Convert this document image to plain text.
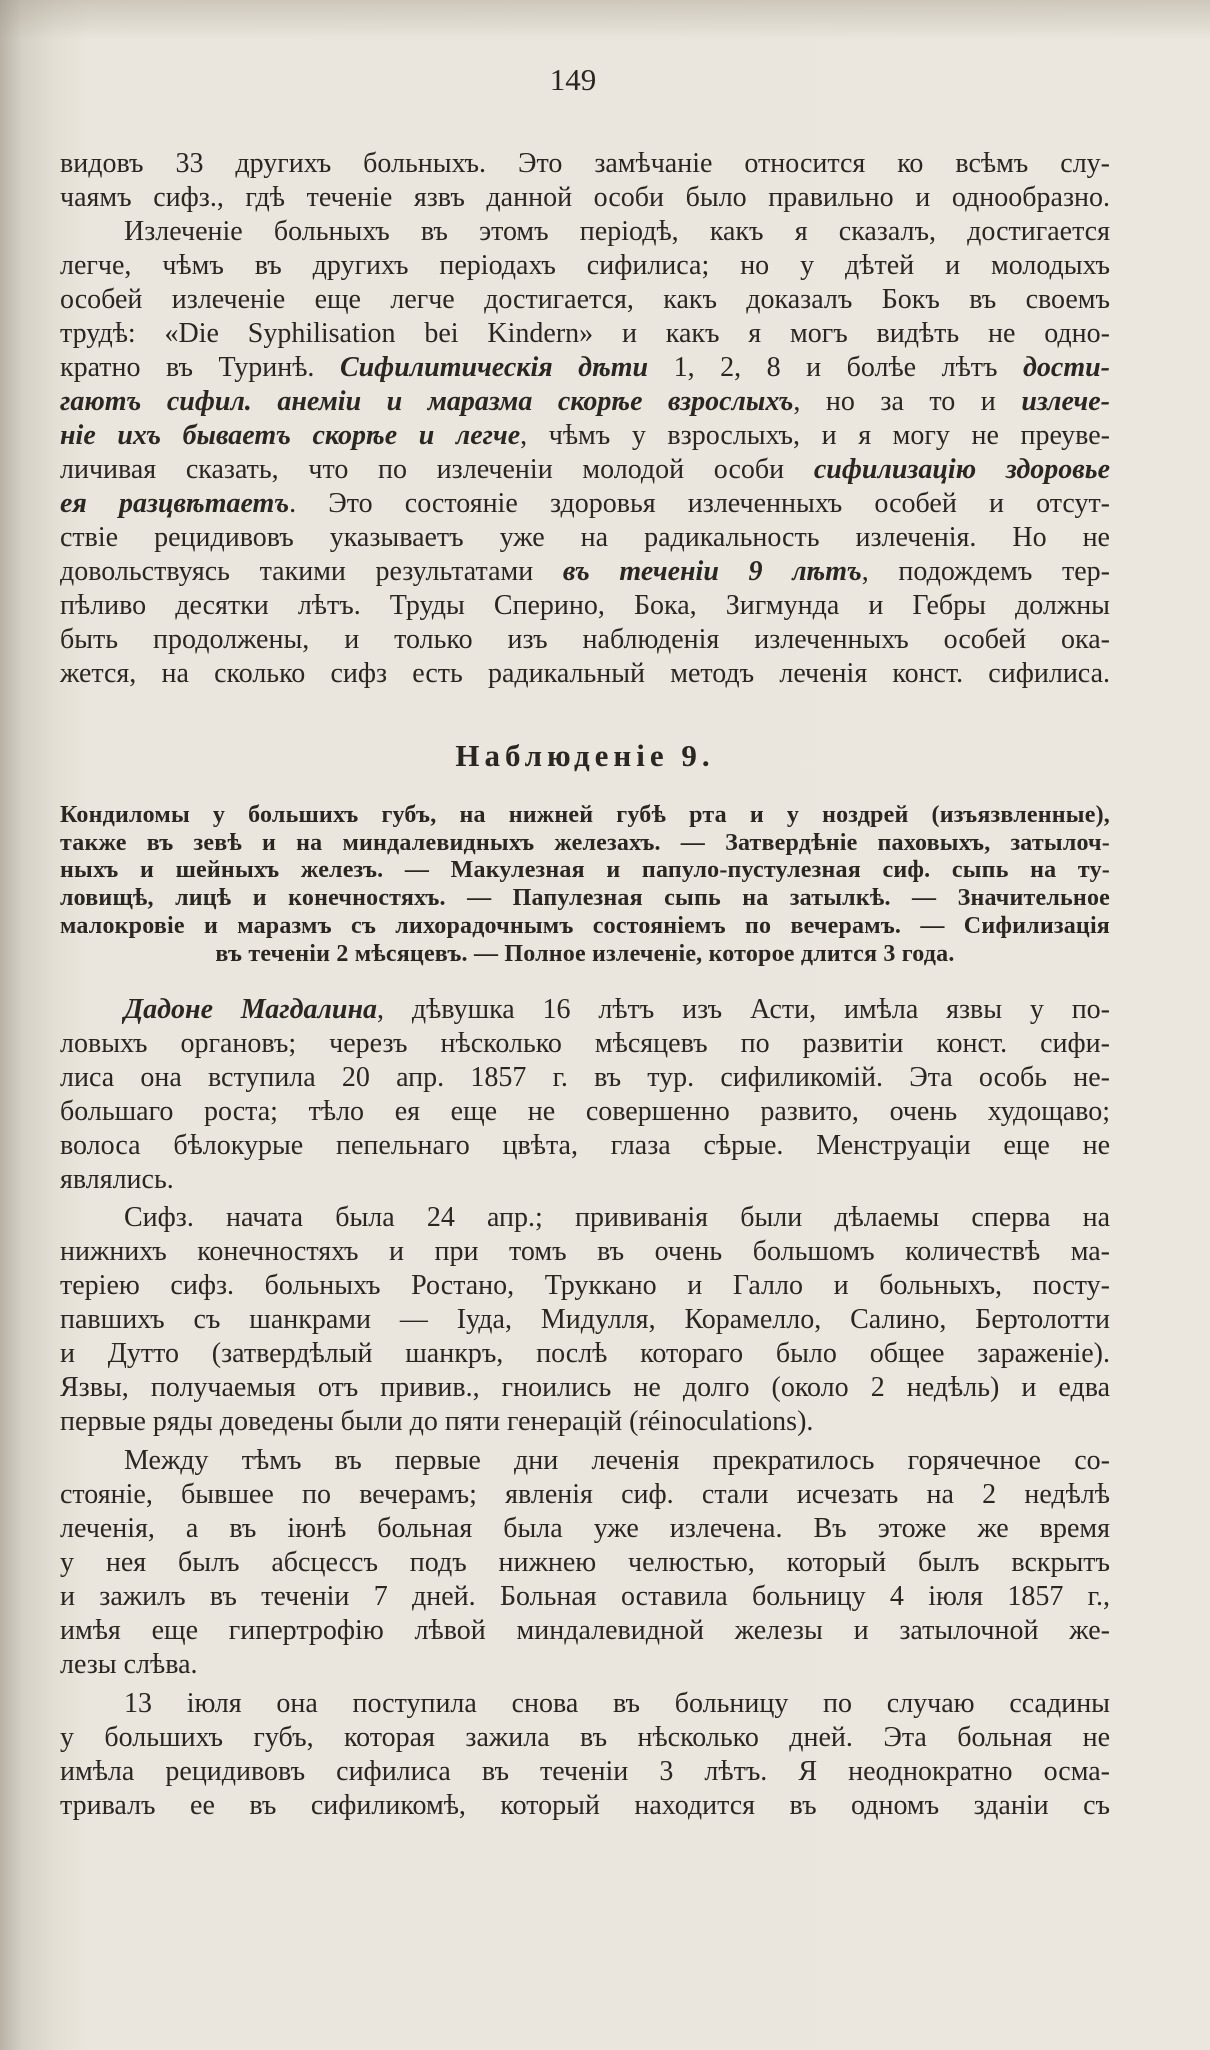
149
видовъ 33 другихъ больныхъ. Это замѣчаніе относится ко всѣмъ слу-
чаямъ сифз., гдѣ теченіе язвъ данной особи было правильно и однообразно.
Излеченіе больныхъ въ этомъ періодѣ, какъ я сказалъ, достигается
легче, чѣмъ въ другихъ періодахъ сифилиса; но у дѣтей и молодыхъ
особей излеченіе еще легче достигается, какъ доказалъ Бокъ въ своемъ
трудѣ: «Die Syphilisation bei Kindern» и какъ я могъ видѣть не одно-
кратно въ Туринѣ. Сифилитическія дѣти 1, 2, 8 и болѣе лѣтъ дости-
гаютъ сифил. анеміи и маразма скорѣе взрослыхъ, но за то и излече-
ніе ихъ бываетъ скорѣе и легче, чѣмъ у взрослыхъ, и я могу не преуве-
личивая сказать, что по излеченіи молодой особи сифилизацію здоровье
ея разцвѣтаетъ. Это состояніе здоровья излеченныхъ особей и отсут-
ствіе рецидивовъ указываетъ уже на радикальность излеченія. Но не
довольствуясь такими результатами въ теченіи 9 лѣтъ, подождемъ тер-
пѣливо десятки лѣтъ. Труды Сперино, Бока, Зигмунда и Гебры должны
быть продолжены, и только изъ наблюденія излеченныхъ особей ока-
жется, на сколько сифз есть радикальный методъ леченія конст. сифилиса.
Наблюденіе 9.
Кондиломы у большихъ губъ, на нижней губѣ рта и у ноздрей (изъязвленные),
также въ зевѣ и на миндалевидныхъ железахъ. — Затвердѣніе паховыхъ, затылоч-
ныхъ и шейныхъ железъ. — Макулезная и папуло-пустулезная сиф. сыпь на ту-
ловищѣ, лицѣ и конечностяхъ. — Папулезная сыпь на затылкѣ. — Значительное
малокровіе и маразмъ съ лихорадочнымъ состояніемъ по вечерамъ. — Сифилизація
въ теченіи 2 мѣсяцевъ. — Полное излеченіе, которое длится 3 года.
Дадоне Магдалина, дѣвушка 16 лѣтъ изъ Асти, имѣла язвы у по-
ловыхъ органовъ; черезъ нѣсколько мѣсяцевъ по развитіи конст. сифи-
лиса она вступила 20 апр. 1857 г. въ тур. сифиликомій. Эта особь не-
большаго роста; тѣло ея еще не совершенно развито, очень худощаво;
волоса бѣлокурые пепельнаго цвѣта, глаза сѣрые. Менструаціи еще не
являлись.
Сифз. начата была 24 апр.; прививанія были дѣлаемы сперва на
нижнихъ конечностяхъ и при томъ въ очень большомъ количествѣ ма-
теріею сифз. больныхъ Ростано, Труккано и Галло и больныхъ, посту-
павшихъ съ шанкрами — Іуда, Мидулля, Корамелло, Салино, Бертолотти
и Дутто (затвердѣлый шанкръ, послѣ котораго было общее зараженіе).
Язвы, получаемыя отъ привив., гноились не долго (около 2 недѣль) и едва
первые ряды доведены были до пяти генерацій (réinoculations).
Между тѣмъ въ первые дни леченія прекратилось горячечное со-
стояніе, бывшее по вечерамъ; явленія сиф. стали исчезать на 2 недѣлѣ
леченія, а въ іюнѣ больная была уже излечена. Въ этоже же время
у нея былъ абсцессъ подъ нижнею челюстью, который былъ вскрытъ
и зажилъ въ теченіи 7 дней. Больная оставила больницу 4 іюля 1857 г.,
имѣя еще гипертрофію лѣвой миндалевидной железы и затылочной же-
лезы слѣва.
13 іюля она поступила снова въ больницу по случаю ссадины
у большихъ губъ, которая зажила въ нѣсколько дней. Эта больная не
имѣла рецидивовъ сифилиса въ теченіи 3 лѣтъ. Я неоднократно осма-
тривалъ ее въ сифиликомѣ, который находится въ одномъ зданіи съ
